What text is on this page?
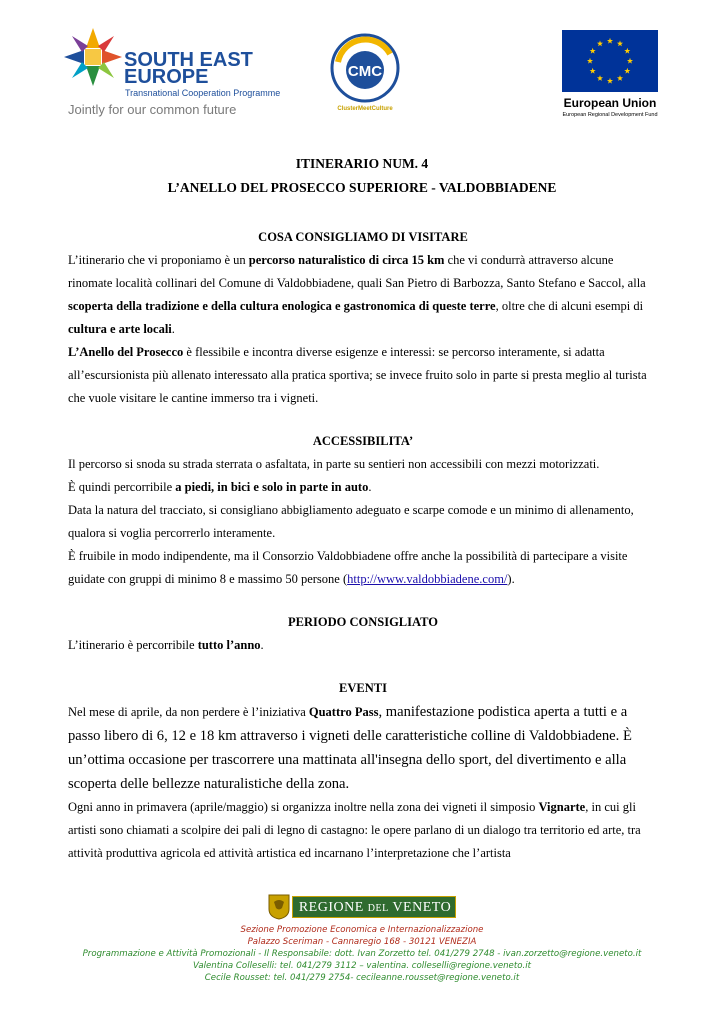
SOUTH EAST
EUROPE
Transnational Cooperation Programme
Jointly for our common future
CMC
ClusterMeetCulture	European Union
European Regional Development Fund
ITINERARIO NUM. 4
L’ANELLO DEL PROSECCO SUPERIORE - VALDOBBIADENE

COSA CONSIGLIAMO DI VISITARE

L’itinerario che vi proponiamo è un percorso naturalistico di circa 15 km che vi condurrà attraverso alcune rinomate località collinari del Comune di Valdobbiadene, quali San Pietro di Barbozza, Santo Stefano e Saccol, alla scoperta della tradizione e della cultura enologica e gastronomica di queste terre, oltre che di alcuni esempi di cultura e arte locali.

L’Anello del Prosecco è flessibile e incontra diverse esigenze e interessi: se percorso interamente, si adatta all’escursionista più allenato interessato alla pratica sportiva; se invece fruito solo in parte si presta meglio al turista che vuole visitare le cantine immerso tra i vigneti.

ACCESSIBILITA’

Il percorso si snoda su strada sterrata o asfaltata, in parte su sentieri non accessibili con mezzi motorizzati.

È quindi percorribile a piedi, in bici e solo in parte in auto.

Data la natura del tracciato, si consigliano abbigliamento adeguato e scarpe comode e un minimo di allenamento, qualora si voglia percorrerlo interamente.

È fruibile in modo indipendente, ma il Consorzio Valdobbiadene offre anche la possibilità di partecipare a visite guidate con gruppi di minimo 8 e massimo 50 persone (http://www.valdobbiadene.com/).

PERIODO CONSIGLIATO

L’itinerario è percorribile tutto l’anno.

EVENTI

Nel mese di aprile, da non perdere è l’iniziativa Quattro Pass, manifestazione podistica aperta a tutti e a passo libero di 6, 12 e 18 km attraverso i vigneti delle caratteristiche colline di Valdobbiadene. È un’ottima occasione per trascorrere una mattinata all'insegna dello sport, del divertimento e alla scoperta delle bellezze naturalistiche della zona.

Ogni anno in primavera (aprile/maggio) si organizza inoltre nella zona dei vigneti il simposio Vignarte, in cui gli artisti sono chiamati a scolpire dei pali di legno di castagno: le opere parlano di un dialogo tra territorio ed arte, tra attività produttiva agricola ed attività artistica ed incarnano l’interpretazione che l’artista

REGIONE DEL VENETO
Sezione Promozione Economica e Internazionalizzazione
Palazzo Sceriman - Cannaregio 168 - 30121 VENEZIA
Programmazione e Attività Promozionali - Il Responsabile: dott. Ivan Zorzetto tel. 041/279 2748 - ivan.zorzetto@regione.veneto.it
Valentina Colleselli: tel. 041/279 3112 – valentina. colleselli@regione.veneto.it
Cecile Rousset: tel. 041/279 2754- cecileanne.rousset@regione.veneto.it
